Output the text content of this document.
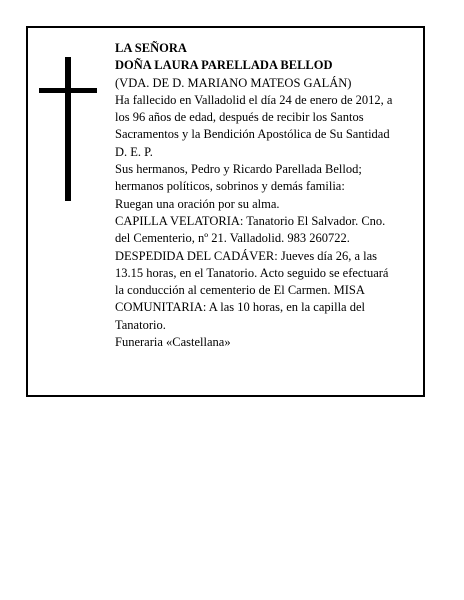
LA SEÑORA
DOÑA LAURA PARELLADA BELLOD
(VDA. DE D. MARIANO MATEOS GALÁN)
Ha fallecido en Valladolid el día 24 de enero de 2012, a
los 96 años de edad, después de recibir los Santos
Sacramentos y la Bendición Apostólica de Su Santidad
D. E. P.
Sus hermanos, Pedro y Ricardo Parellada Bellod;
hermanos políticos, sobrinos y demás familia:
Ruegan una oración por su alma.
CAPILLA VELATORIA: Tanatorio El Salvador. Cno.
del Cementerio, nº 21. Valladolid. 983 260722.
DESPEDIDA DEL CADÁVER: Jueves día 26, a las
13.15 horas, en el Tanatorio. Acto seguido se efectuará
la conducción al cementerio de El Carmen. MISA
COMUNITARIA: A las 10 horas, en la capilla del
Tanatorio.
Funeraria «Castellana»
